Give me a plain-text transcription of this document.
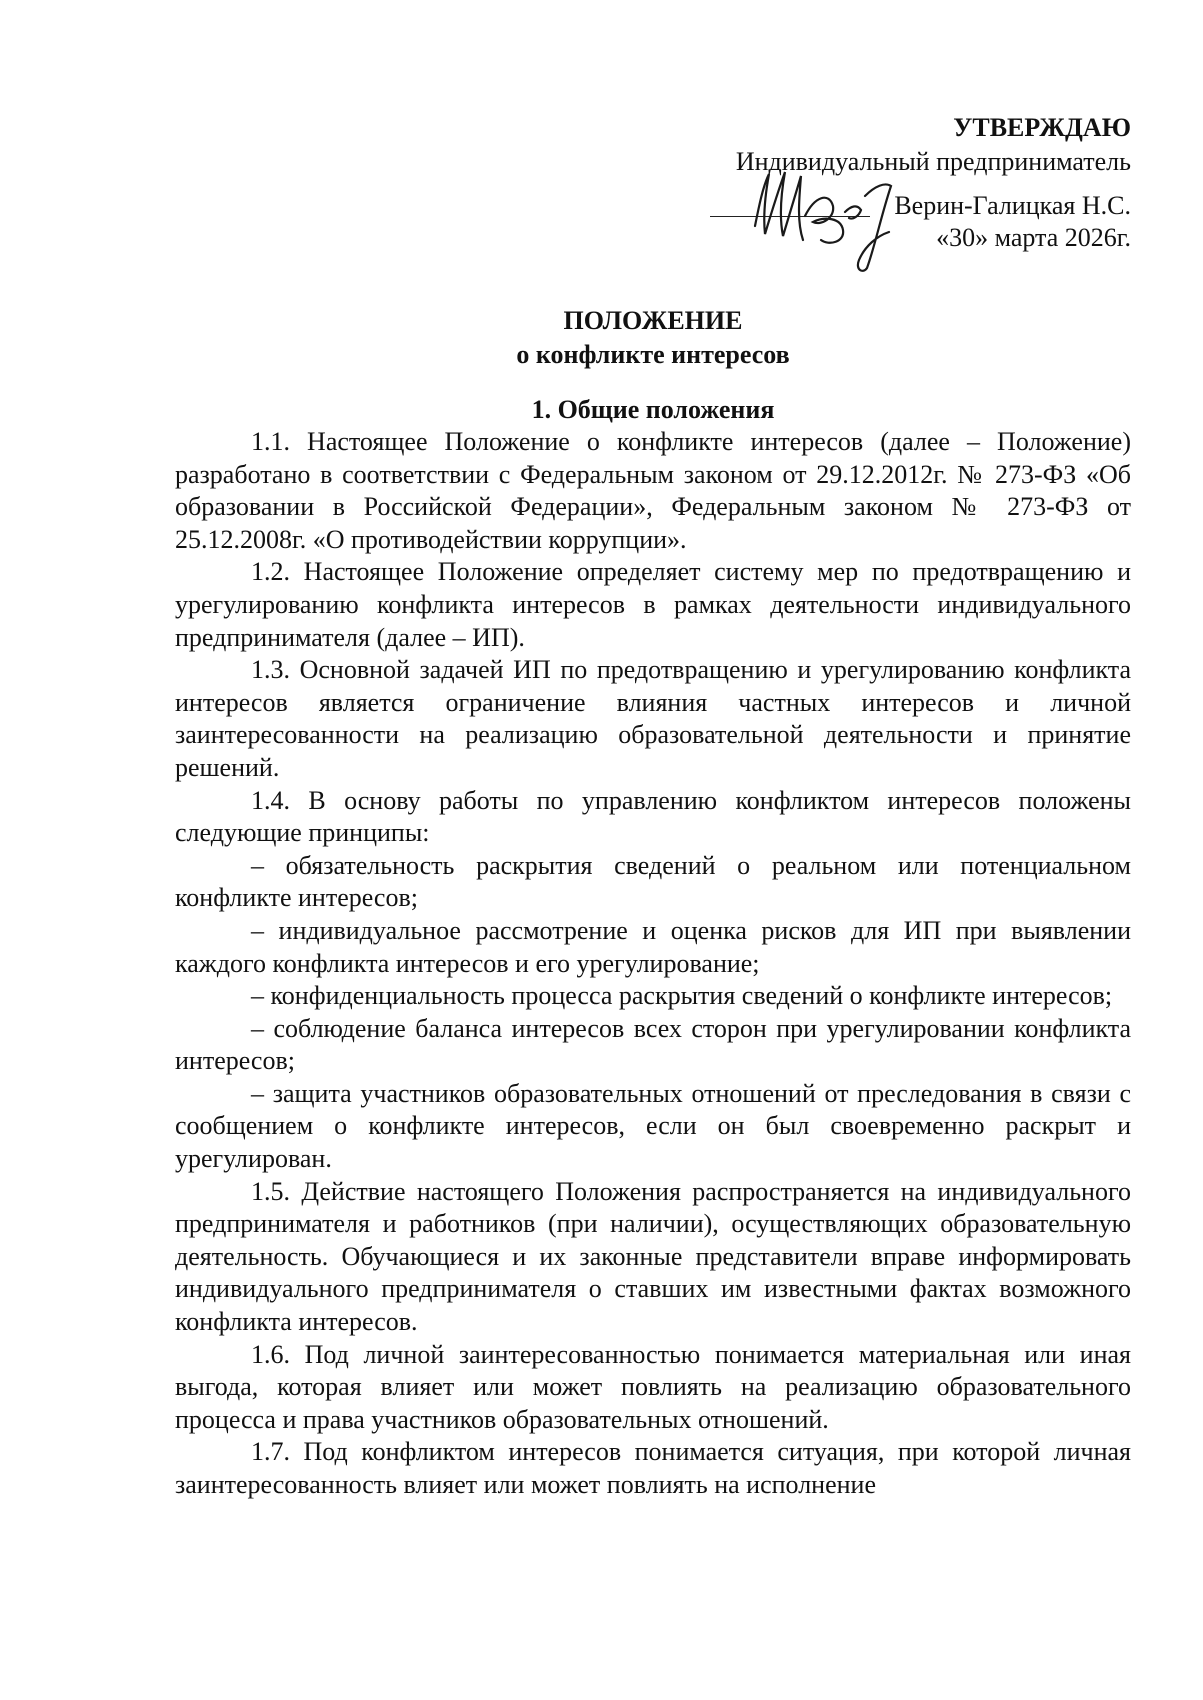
УТВЕРЖДАЮ
Индивидуальный предприниматель
Верин-Галицкая Н.С.
«30» марта 2026г.
ПОЛОЖЕНИЕ
о конфликте интересов
1. Общие положения

1.1. Настоящее Положение о конфликте интересов (далее – Положение) разработано в соответствии с Федеральным законом от 29.12.2012г. № 273-ФЗ «Об образовании в Российской Федерации», Федеральным законом № 273-ФЗ от 25.12.2008г. «О противодействии коррупции».

1.2. Настоящее Положение определяет систему мер по предотвращению и урегулированию конфликта интересов в рамках деятельности индивидуального предпринимателя (далее – ИП).

1.3. Основной задачей ИП по предотвращению и урегулированию конфликта интересов является ограничение влияния частных интересов и личной заинтересованности на реализацию образовательной деятельности и принятие решений.

1.4. В основу работы по управлению конфликтом интересов положены следующие принципы:

– обязательность раскрытия сведений о реальном или потенциальном конфликте интересов;

– индивидуальное рассмотрение и оценка рисков для ИП при выявлении каждого конфликта интересов и его урегулирование;

– конфиденциальность процесса раскрытия сведений о конфликте интересов;

– соблюдение баланса интересов всех сторон при урегулировании конфликта интересов;

– защита участников образовательных отношений от преследования в связи с сообщением о конфликте интересов, если он был своевременно раскрыт и урегулирован.

1.5. Действие настоящего Положения распространяется на индивидуального предпринимателя и работников (при наличии), осуществляющих образовательную деятельность. Обучающиеся и их законные представители вправе информировать индивидуального предпринимателя о ставших им известными фактах возможного конфликта интересов.

1.6. Под личной заинтересованностью понимается материальная или иная выгода, которая влияет или может повлиять на реализацию образовательного процесса и права участников образовательных отношений.

1.7. Под конфликтом интересов понимается ситуация, при которой личная заинтересованность влияет или может повлиять на исполнение
